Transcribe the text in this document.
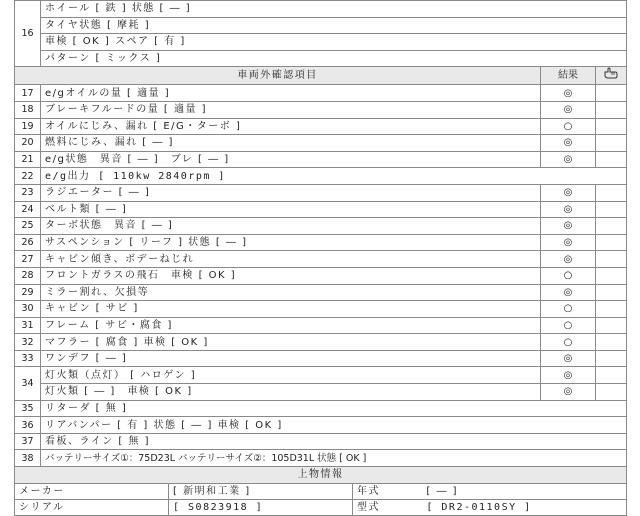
16	ホイール [ 鉄 ] 状態 [ ― ]				
	タイヤ状態 [ 摩耗 ]				
	車検 [ OK ] スペア [ 有 ]				
	パターン [ ミックス ]				
車両外確認項目				結果	
17	e/gオイルの量 [ 適量 ]			◎	
18	ブレーキフルードの量 [ 適量 ]			◎	
19	オイルにじみ、漏れ [ E/G・ターボ ]			○	
20	燃料にじみ、漏れ [ ― ]			◎	
21	e/g状態　異音 [ ― ]　ブレ [ ― ]			◎	
22	e/g出力 [ 110kw 2840rpm ]				
23	ラジエーター [ ― ]			◎	
24	ベルト類 [ ― ]			◎	
25	ターボ状態　異音 [ ― ]			◎	
26	サスペンション [ リーフ ] 状態 [ ― ]			◎	
27	キャビン傾き、ボデーねじれ			◎	
28	フロントガラスの飛石　車検 [ OK ]			○	
29	ミラー割れ、欠損等			◎	
30	キャビン [ サビ ]			○	
31	フレーム [ サビ・腐食 ]			○	
32	マフラー [ 腐食 ] 車検 [ OK ]			○	
33	ワンデフ [ ― ]			◎	
34	灯火類（点灯） [ ハロゲン ]			◎	
	灯火類 [ ― ]　車検 [ OK ]			◎	
35	リターダ [ 無 ]				
36	リアバンパー [ 有 ] 状態 [ ― ] 車検 [ OK ]				
37	看板、ライン [ 無 ]				
38	バッテリーサイズ①：75D23L バッテリーサイズ②：105D31L 状態 [ OK ]				
上物情報					
メーカー		[ 新明和工業 ]	年式 [ ― ]		
シリアル		[ S0823918 ]	型式 [ DR2-0110SY ]		
